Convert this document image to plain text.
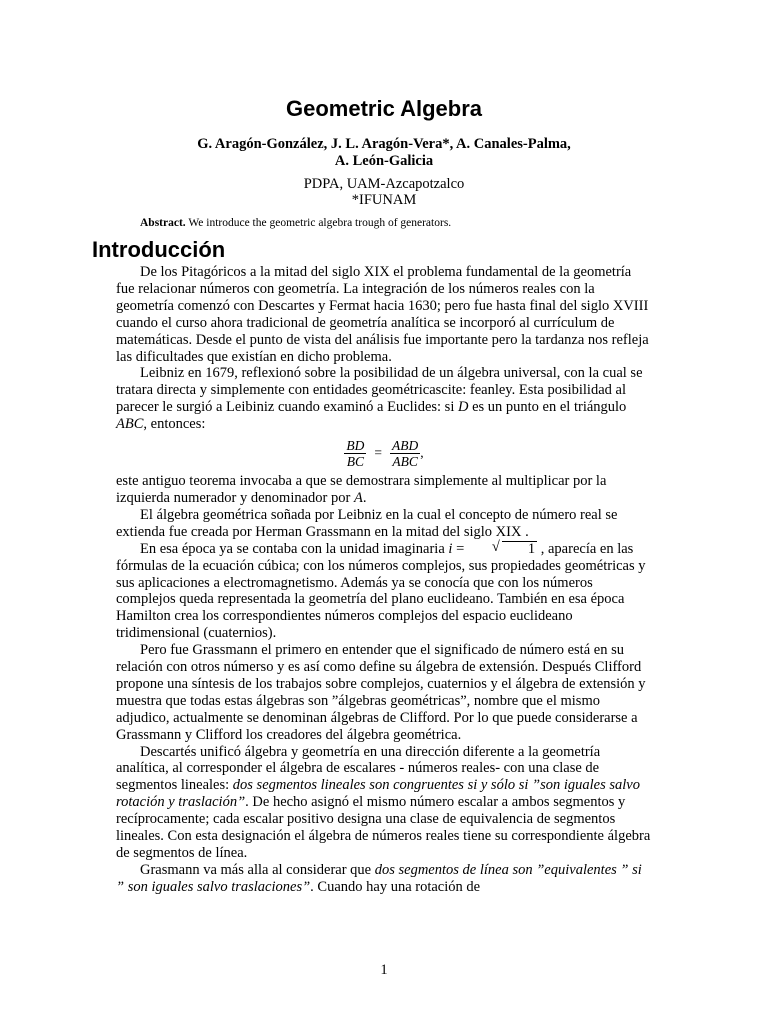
Geometric Algebra
G. Aragón-González, J. L. Aragón-Vera*, A. Canales-Palma,
A. León-Galicia
PDPA, UAM-Azcapotzalco
*IFUNAM
Abstract. We introduce the geometric algebra trough of generators.
Introducción

De los Pitagóricos a la mitad del siglo XIX el problema fundamental de la geometría fue relacionar números con geometría. La integración de los números reales con la geometría comenzó con Descartes y Fermat hacia 1630; pero fue hasta final del siglo XVIII cuando el curso ahora tradicional de geometría analítica se incorporó al currículum de matemáticas. Desde el punto de vista del análisis fue importante pero la tardanza nos refleja las dificultades que existían en dicho problema.

Leibniz en 1679, reflexionó sobre la posibilidad de un álgebra universal, con la cual se tratara directa y simplemente con entidades geométricascite: feanley. Esta posibilidad al parecer le surgió a Leibiniz cuando examinó a Euclides: si D es un punto en el triángulo ABC, entonces:

$\frac{BD}{BC} = \frac{\text{ABD}}{\text{ABC}}$ ,

este antiguo teorema invocaba a que se demostrara simplemente al multiplicar por la izquierda numerador y denominador por A.

El álgebra geométrica soñada por Leibniz en la cual el concepto de número real se extienda fue creada por Herman Grassmann en la mitad del siglo XIX .

En esa época ya se contaba con la unidad imaginaria i =	√ 1 , aparecía en las fórmulas de la ecuación cúbica; con los números complejos, sus propiedades geométricas y sus aplicaciones a electromagnetismo. Además ya se conocía que con los números complejos queda representada la geometría del plano euclideano. También en esa época Hamilton crea los correspondientes números complejos del espacio euclideano tridimensional (cuaternios).

Pero fue Grassmann el primero en entender que el significado de número está en su relación con otros númerso y es así como define su álgebra de extensión. Después Clifford propone una síntesis de los trabajos sobre complejos, cuaternios y el álgebra de extensión y muestra que todas estas álgebras son ”álgebras geométricas”, nombre que el mismo adjudico, actualmente se denominan álgebras de Clifford. Por lo que puede considerarse a Grassmann y Clifford los creadores del álgebra geométrica.

Descartés unificó álgebra y geometría en una dirección diferente a la geometría analítica, al corresponder el álgebra de escalares - números reales- con una clase de segmentos lineales: dos segmentos lineales son congruentes si y sólo si ”son iguales salvo rotación y traslación”. De hecho asignó el mismo número escalar a ambos segmentos y recíprocamente; cada escalar positivo designa una clase de equivalencia de segmentos lineales. Con esta designación el álgebra de números reales tiene su correspondiente álgebra de segmentos de línea.

Grasmann va más alla al considerar que dos segmentos de línea son ”equivalentes ” si ” son iguales salvo traslaciones”. Cuando hay una rotación de

1
